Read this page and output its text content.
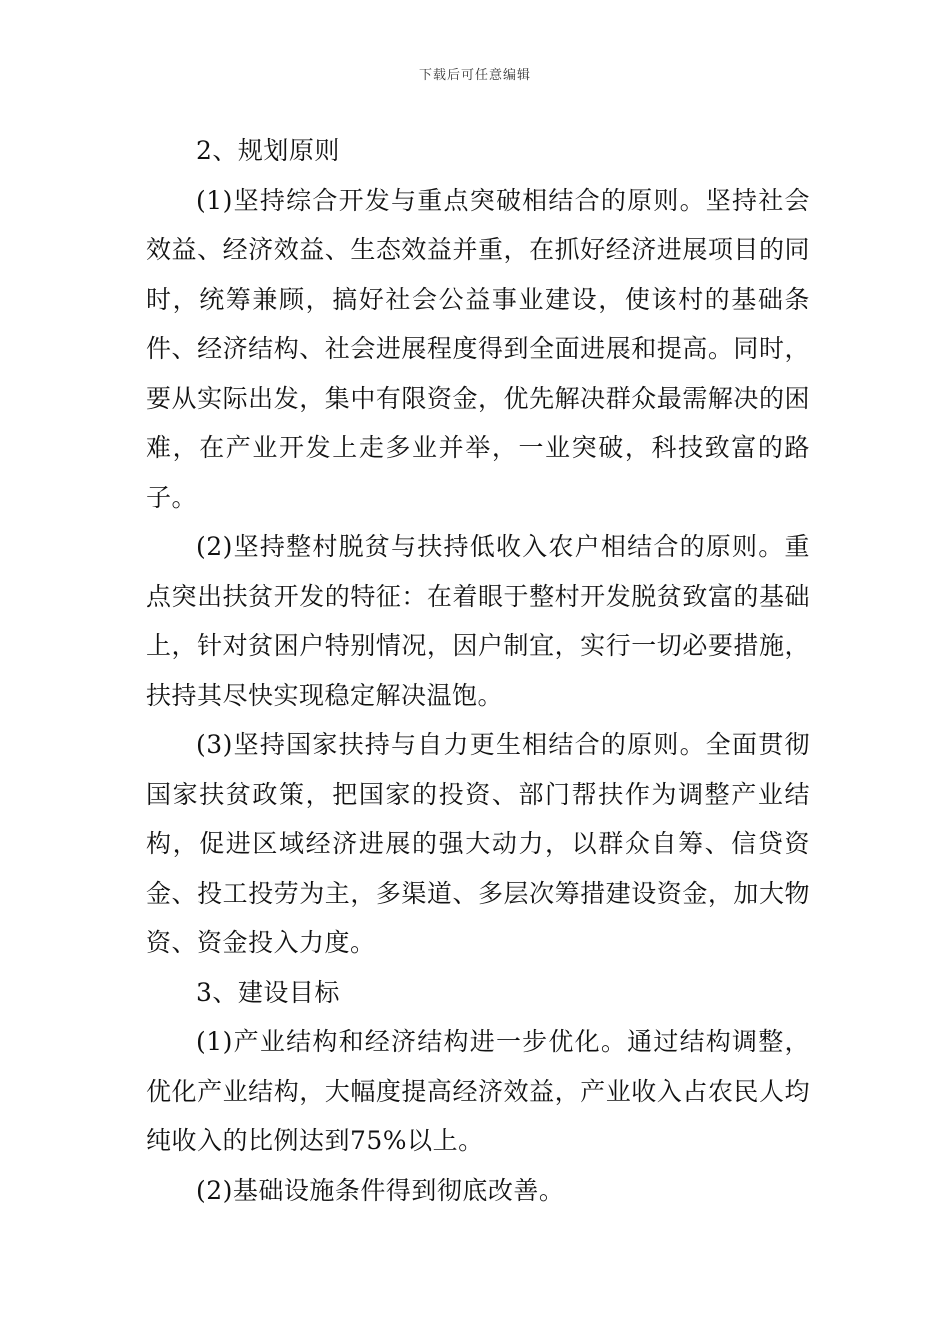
下载后可任意编辑

2、规划原则

(1)坚持综合开发与重点突破相结合的原则。坚持社会效益、经济效益、生态效益并重，在抓好经济进展项目的同时，统筹兼顾，搞好社会公益事业建设，使该村的基础条件、经济结构、社会进展程度得到全面进展和提高。同时，要从实际出发，集中有限资金，优先解决群众最需解决的困难，在产业开发上走多业并举，一业突破，科技致富的路子。

(2)坚持整村脱贫与扶持低收入农户相结合的原则。重点突出扶贫开发的特征：在着眼于整村开发脱贫致富的基础上，针对贫困户特别情况，因户制宜，实行一切必要措施，扶持其尽快实现稳定解决温饱。

(3)坚持国家扶持与自力更生相结合的原则。全面贯彻国家扶贫政策，把国家的投资、部门帮扶作为调整产业结构，促进区域经济进展的强大动力，以群众自筹、信贷资金、投工投劳为主，多渠道、多层次筹措建设资金，加大物资、资金投入力度。

3、建设目标

(1)产业结构和经济结构进一步优化。通过结构调整，优化产业结构，大幅度提高经济效益，产业收入占农民人均纯收入的比例达到75%以上。

(2)基础设施条件得到彻底改善。
